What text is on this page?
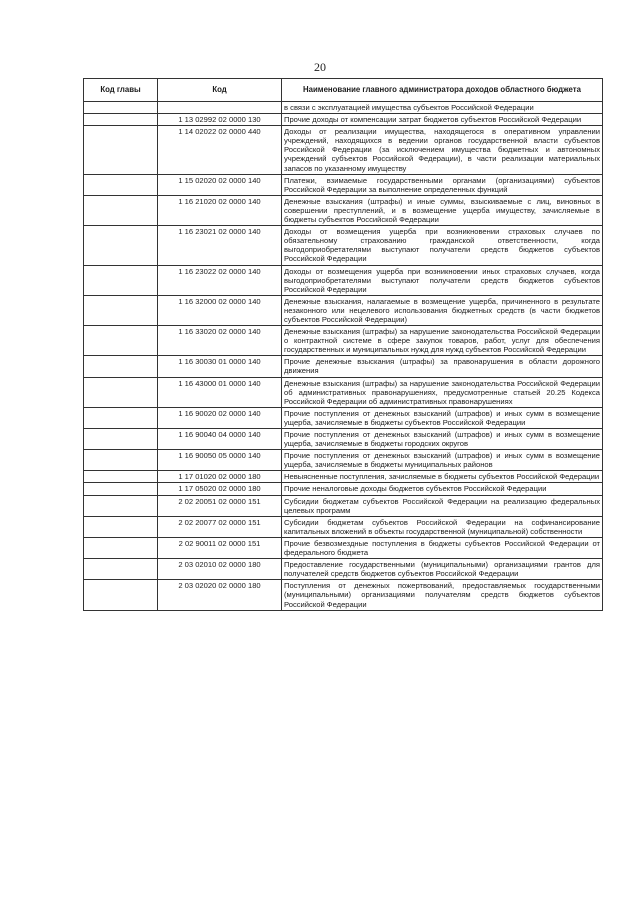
20
Код главы	Код	Наименование главного администратора доходов областного бюджета
		в связи с эксплуатацией имущества субъектов Российской Федерации
	1 13 02992 02 0000 130	Прочие доходы от компенсации затрат бюджетов субъектов Российской Федерации
	1 14 02022 02 0000 440	Доходы от реализации имущества, находящегося в оперативном управлении учреждений, находящихся в ведении органов государственной власти субъектов Российской Федерации (за исключением имущества бюджетных и автономных учреждений субъектов Российской Федерации), в части реализации материальных запасов по указанному имуществу
	1 15 02020 02 0000 140	Платежи, взимаемые государственными органами (организациями) субъектов Российской Федерации за выполнение определенных функций
	1 16 21020 02 0000 140	Денежные взыскания (штрафы) и иные суммы, взыскиваемые с лиц, виновных в совершении преступлений, и в возмещение ущерба имуществу, зачисляемые в бюджеты субъектов Российской Федерации
	1 16 23021 02 0000 140	Доходы от возмещения ущерба при возникновении страховых случаев по обязательному страхованию гражданской ответственности, когда выгодоприобретателями выступают получатели средств бюджетов субъектов Российской Федерации
	1 16 23022 02 0000 140	Доходы от возмещения ущерба при возникновении иных страховых случаев, когда выгодоприобретателями выступают получатели средств бюджетов субъектов Российской Федерации
	1 16 32000 02 0000 140	Денежные взыскания, налагаемые в возмещение ущерба, причиненного в результате незаконного или нецелевого использования бюджетных средств (в части бюджетов субъектов Российской Федерации)
	1 16 33020 02 0000 140	Денежные взыскания (штрафы) за нарушение законодательства Российской Федерации о контрактной системе в сфере закупок товаров, работ, услуг для обеспечения государственных и муниципальных нужд для нужд субъектов Российской Федерации
	1 16 30030 01 0000 140	Прочие денежные взыскания (штрафы) за правонарушения в области дорожного движения
	1 16 43000 01 0000 140	Денежные взыскания (штрафы) за нарушение законодательства Российской Федерации об административных правонарушениях, предусмотренные статьей 20.25 Кодекса Российской Федерации об административных правонарушениях
	1 16 90020 02 0000 140	Прочие поступления от денежных взысканий (штрафов) и иных сумм в возмещение ущерба, зачисляемые в бюджеты субъектов Российской Федерации
	1 16 90040 04 0000 140	Прочие поступления от денежных взысканий (штрафов) и иных сумм в возмещение ущерба, зачисляемые в бюджеты городских округов
	1 16 90050 05 0000 140	Прочие поступления от денежных взысканий (штрафов) и иных сумм в возмещение ущерба, зачисляемые в бюджеты муниципальных районов
	1 17 01020 02 0000 180	Невыясненные поступления, зачисляемые в бюджеты субъектов Российской Федерации
	1 17 05020 02 0000 180	Прочие неналоговые доходы бюджетов субъектов Российской Федерации
	2 02 20051 02 0000 151	Субсидии бюджетам субъектов Российской Федерации на реализацию федеральных целевых программ
	2 02 20077 02 0000 151	Субсидии бюджетам субъектов Российской Федерации на софинансирование капитальных вложений в объекты государственной (муниципальной) собственности
	2 02 90011 02 0000 151	Прочие безвозмездные поступления в бюджеты субъектов Российской Федерации от федерального бюджета
	2 03 02010 02 0000 180	Предоставление государственными (муниципальными) организациями грантов для получателей средств бюджетов субъектов Российской Федерации
	2 03 02020 02 0000 180	Поступления от денежных пожертвований, предоставляемых государственными (муниципальными) организациями получателям средств бюджетов субъектов Российской Федерации
